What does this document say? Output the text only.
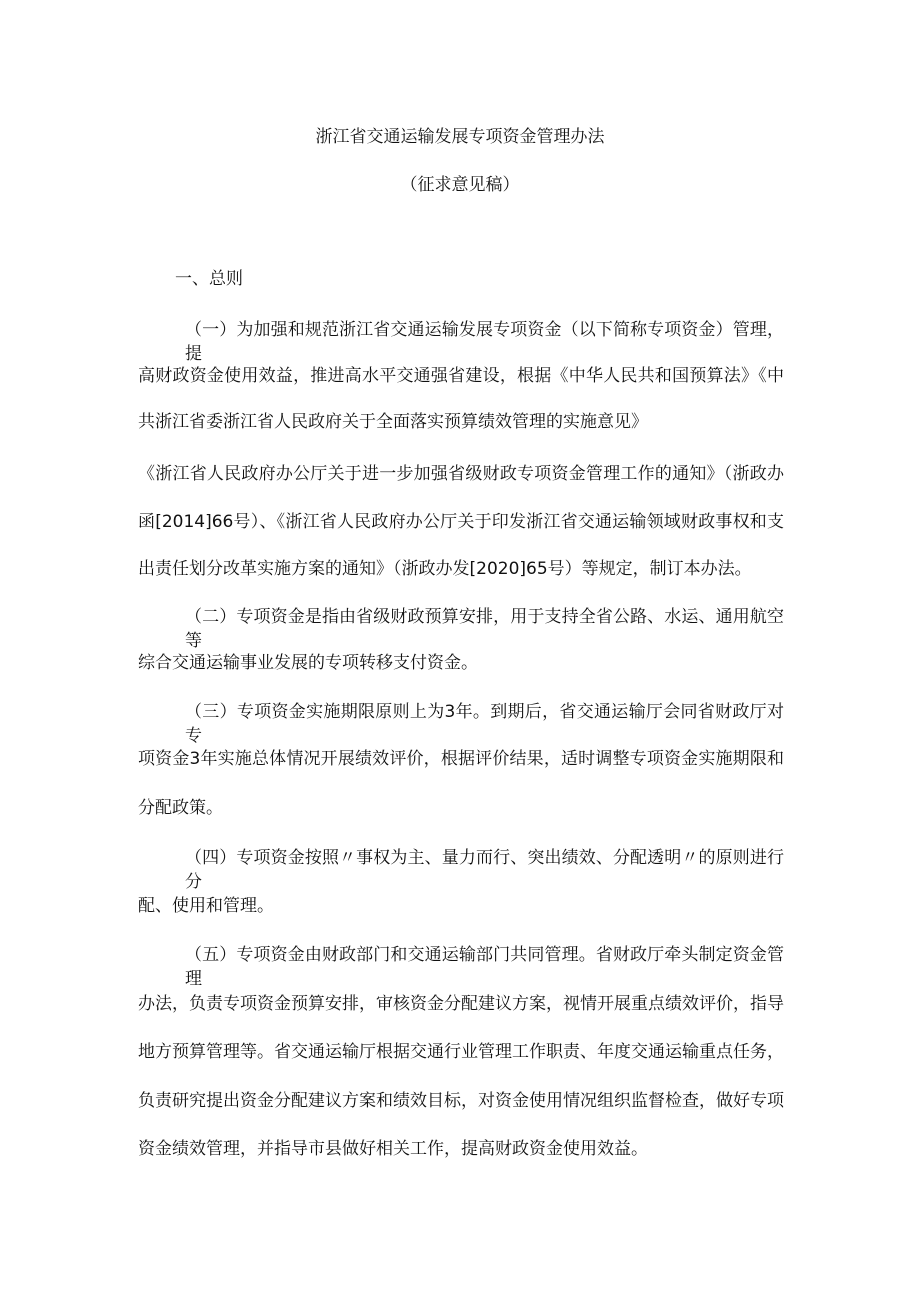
浙江省交通运输发展专项资金管理办法
（征求意见稿）
一、总则
（一）为加强和规范浙江省交通运输发展专项资金（以下简称专项资金）管理，提
高财政资金使用效益，推进高水平交通强省建设，根据《中华人民共和国预算法》《中
共浙江省委浙江省人民政府关于全面落实预算绩效管理的实施意见》
《浙江省人民政府办公厅关于进一步加强省级财政专项资金管理工作的通知》（浙政办
函[2014]66号）、《浙江省人民政府办公厅关于印发浙江省交通运输领域财政事权和支
出责任划分改革实施方案的通知》（浙政办发[2020]65号）等规定，制订本办法。
（二）专项资金是指由省级财政预算安排，用于支持全省公路、水运、通用航空等
综合交通运输事业发展的专项转移支付资金。
（三）专项资金实施期限原则上为3年。到期后，省交通运输厅会同省财政厅对专
项资金3年实施总体情况开展绩效评价，根据评价结果，适时调整专项资金实施期限和
分配政策。
（四）专项资金按照〃事权为主、量力而行、突出绩效、分配透明〃的原则进行分
配、使用和管理。
（五）专项资金由财政部门和交通运输部门共同管理。省财政厅牵头制定资金管理
办法，负责专项资金预算安排，审核资金分配建议方案，视情开展重点绩效评价，指导
地方预算管理等。省交通运输厅根据交通行业管理工作职责、年度交通运输重点任务，
负责研究提出资金分配建议方案和绩效目标，对资金使用情况组织监督检查，做好专项
资金绩效管理，并指导市县做好相关工作，提高财政资金使用效益。
